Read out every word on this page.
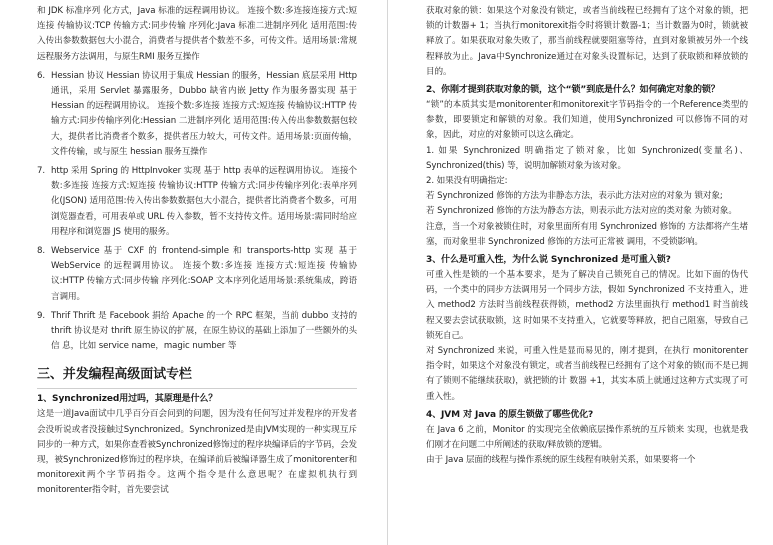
和 JDK 标准序列 化方式，Java 标准的远程调用协议。 连接个数:多连接连接方式:短连接 传输协议:TCP 传输方式:同步传输 序列化:Java 标准二进制序列化 适用范围:传入传出参数数据包大小混合，消费者与提供者个数差不多，可传文件。适用场景:常规远程服务方法调用，与原生RMI 服务互操作

6. Hessian 协议 Hessian 协议用于集成 Hessian 的服务，Hessian 底层采用 Http 通讯，采用 Servlet 暴露服务，Dubbo 缺省内嵌 Jetty 作为服务器实现 基于 Hessian 的远程调用协议。 连接个数:多连接 连接方式:短连接 传输协议:HTTP 传输方式:同步传输序列化:Hessian 二进制序列化 适用范围:传入传出参数数据包较大，提供者比消费者个数多，提供者压力较大，可传文件。适用场景:页面传输，文件传输，或与原生 hessian 服务互操作
7. http 采用 Spring 的 HttpInvoker 实现 基于 http 表单的远程调用协议。 连接个数:多连接 连接方式:短连接 传输协议:HTTP 传输方式:同步传输序列化:表单序列化(JSON) 适用范围:传入传出参数数据包大小混合，提供者比消费者个数多，可用浏览器查看，可用表单或 URL 传入参数，暂不支持传文件。适用场景:需同时给应用程序和浏览器 JS 使用的服务。
8. Webservice 基于 CXF 的 frontend-simple 和 transports-http 实现 基于 WebService 的远程调用协议。 连接个数:多连接 连接方式:短连接 传输协议:HTTP 传输方式:同步传输 序列化:SOAP 文本序列化适用场景:系统集成，跨语言调用。
9. Thrif Thrift 是 Facebook 捐给 Apache 的一个 RPC 框架，当前 dubbo 支持的 thrift 协议是对 thrift 原生协议的扩展，在原生协议的基础上添加了一些额外的头信 息，比如 service name，magic number 等
三、并发编程高级面试专栏
1、Synchronized用过吗，其原理是什么？

这是一道Java面试中几乎百分百会问到的问题，因为没有任何写过并发程序的开发者会没听说或者没接触过Synchronized。Synchronized是由JVM实现的一种实现互斥同步的一种方式，如果你查看被Synchronized修饰过的程序块编译后的字节码，会发现，被Synchronized修饰过的程序块，在编译前后被编译器生成了monitorenter和monitorexit两个字节码指令。这两个指令是什么意思呢？在虚拟机执行到monitorenter指令时，首先要尝试

获取对象的锁：如果这个对象没有锁定，或者当前线程已经拥有了这个对象的锁，把锁的计数器+ 1；当执行monitorexit指令时将锁计数器-1；当计数器为0时，锁就被释放了。如果获取对象失败了，那当前线程就要阻塞等待，直到对象锁被另外一个线程释放为止。Java中Synchronize通过在对象头设置标记，达到了获取锁和释放锁的目的。

2、你刚才提到获取对象的锁，这个“锁”到底是什么？如何确定对象的锁？

“锁”的本质其实是monitorenter和monitorexit字节码指令的一个Reference类型的参数，即要锁定和解锁的对象。我们知道，使用Synchronized 可以修饰不同的对象，因此，对应的对象锁可以这么确定。

1. 如果 Synchronized 明确指定了锁对象，比如 Synchronized(变量名)、Synchronized(this) 等，说明加解锁对象为该对象。

2. 如果没有明确指定:

若 Synchronized 修饰的方法为非静态方法，表示此方法对应的对象为 锁对象;

若 Synchronized 修饰的方法为静态方法，则表示此方法对应的类对象 为锁对象。

注意，当一个对象被锁住时，对象里面所有用 Synchronized 修饰的 方法都将产生堵塞，而对象里非 Synchronized 修饰的方法可正常被 调用，不受锁影响。

3、什么是可重入性，为什么说 Synchronized 是可重入锁?

可重入性是锁的一个基本要求，是为了解决自己锁死自己的情况。比如下面的伪代码，一个类中的同步方法调用另一个同步方法，假如 Synchronized 不支持重入，进入 method2 方法时当前线程获得锁，method2 方法里面执行 method1 时当前线程又要去尝试获取锁，这 时如果不支持重入，它就要等释放，把自己阻塞，导致自己锁死自己。

对 Synchronized 来说，可重入性是显而易见的，刚才提到，在执行 monitorenter 指令时，如果这个对象没有锁定，或者当前线程已经拥有了这个对象的锁(而不是已拥有了锁则不能继续获取)，就把锁的计 数器 +1，其实本质上就通过这种方式实现了可重入性。

4、JVM 对 Java 的原生锁做了哪些优化?

在 Java 6 之前，Monitor 的实现完全依赖底层操作系统的互斥锁来 实现，也就是我们刚才在问题二中所阐述的获取/释放锁的逻辑。

由于 Java 层面的线程与操作系统的原生线程有映射关系，如果要将一个
